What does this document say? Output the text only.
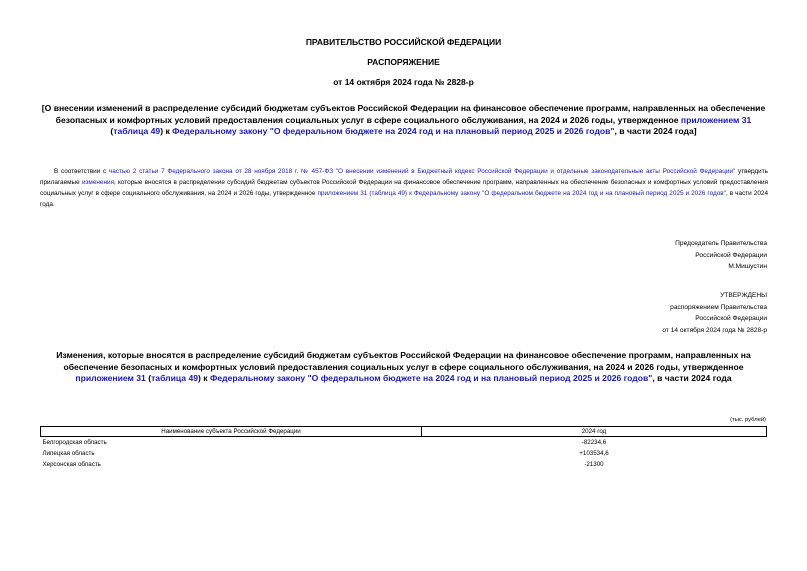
ПРАВИТЕЛЬСТВО РОССИЙСКОЙ ФЕДЕРАЦИИ
РАСПОРЯЖЕНИЕ
от 14 октября 2024 года № 2828-р
[О внесении изменений в распределение субсидий бюджетам субъектов Российской Федерации на финансовое обеспечение программ, направленных на обеспечение безопасных и комфортных условий предоставления социальных услуг в сфере социального обслуживания, на 2024 и 2026 годы, утвержденное приложением 31 (таблица 49) к Федеральному закону "О федеральном бюджете на 2024 год и на плановый период 2025 и 2026 годов", в части 2024 года]
В соответствии с частью 2 статьи 7 Федерального закона от 28 ноября 2018 г. № 457-ФЗ "О внесении изменений в Бюджетный кодекс Российской Федерации и отдельные законодательные акты Российской Федерации" утвердить прилагаемые изменения, которые вносятся в распределение субсидий бюджетам субъектов Российской Федерации на финансовое обеспечение программ, направленных на обеспечение безопасных и комфортных условий предоставления социальных услуг в сфере социального обслуживания, на 2024 и 2026 годы, утвержденное приложением 31 (таблица 49) к Федеральному закону "О федеральном бюджете на 2024 год и на плановый период 2025 и 2026 годов", в части 2024 года.
Председатель Правительства
Российской Федерации
М.Мишустин
УТВЕРЖДЕНЫ
распоряжением Правительства
Российской Федерации
от 14 октября 2024 года № 2828-р
Изменения, которые вносятся в распределение субсидий бюджетам субъектов Российской Федерации на финансовое обеспечение программ, направленных на обеспечение безопасных и комфортных условий предоставления социальных услуг в сфере социального обслуживания, на 2024 и 2026 годы, утвержденное приложением 31 (таблица 49) к Федеральному закону "О федеральном бюджете на 2024 год и на плановый период 2025 и 2026 годов", в части 2024 года
(тыс. рублей)
Наименование субъекта Российской Федерации	2024 год
Белгородская область	-82234,6
Липецкая область	+103534,6
Херсонская область	-21300
